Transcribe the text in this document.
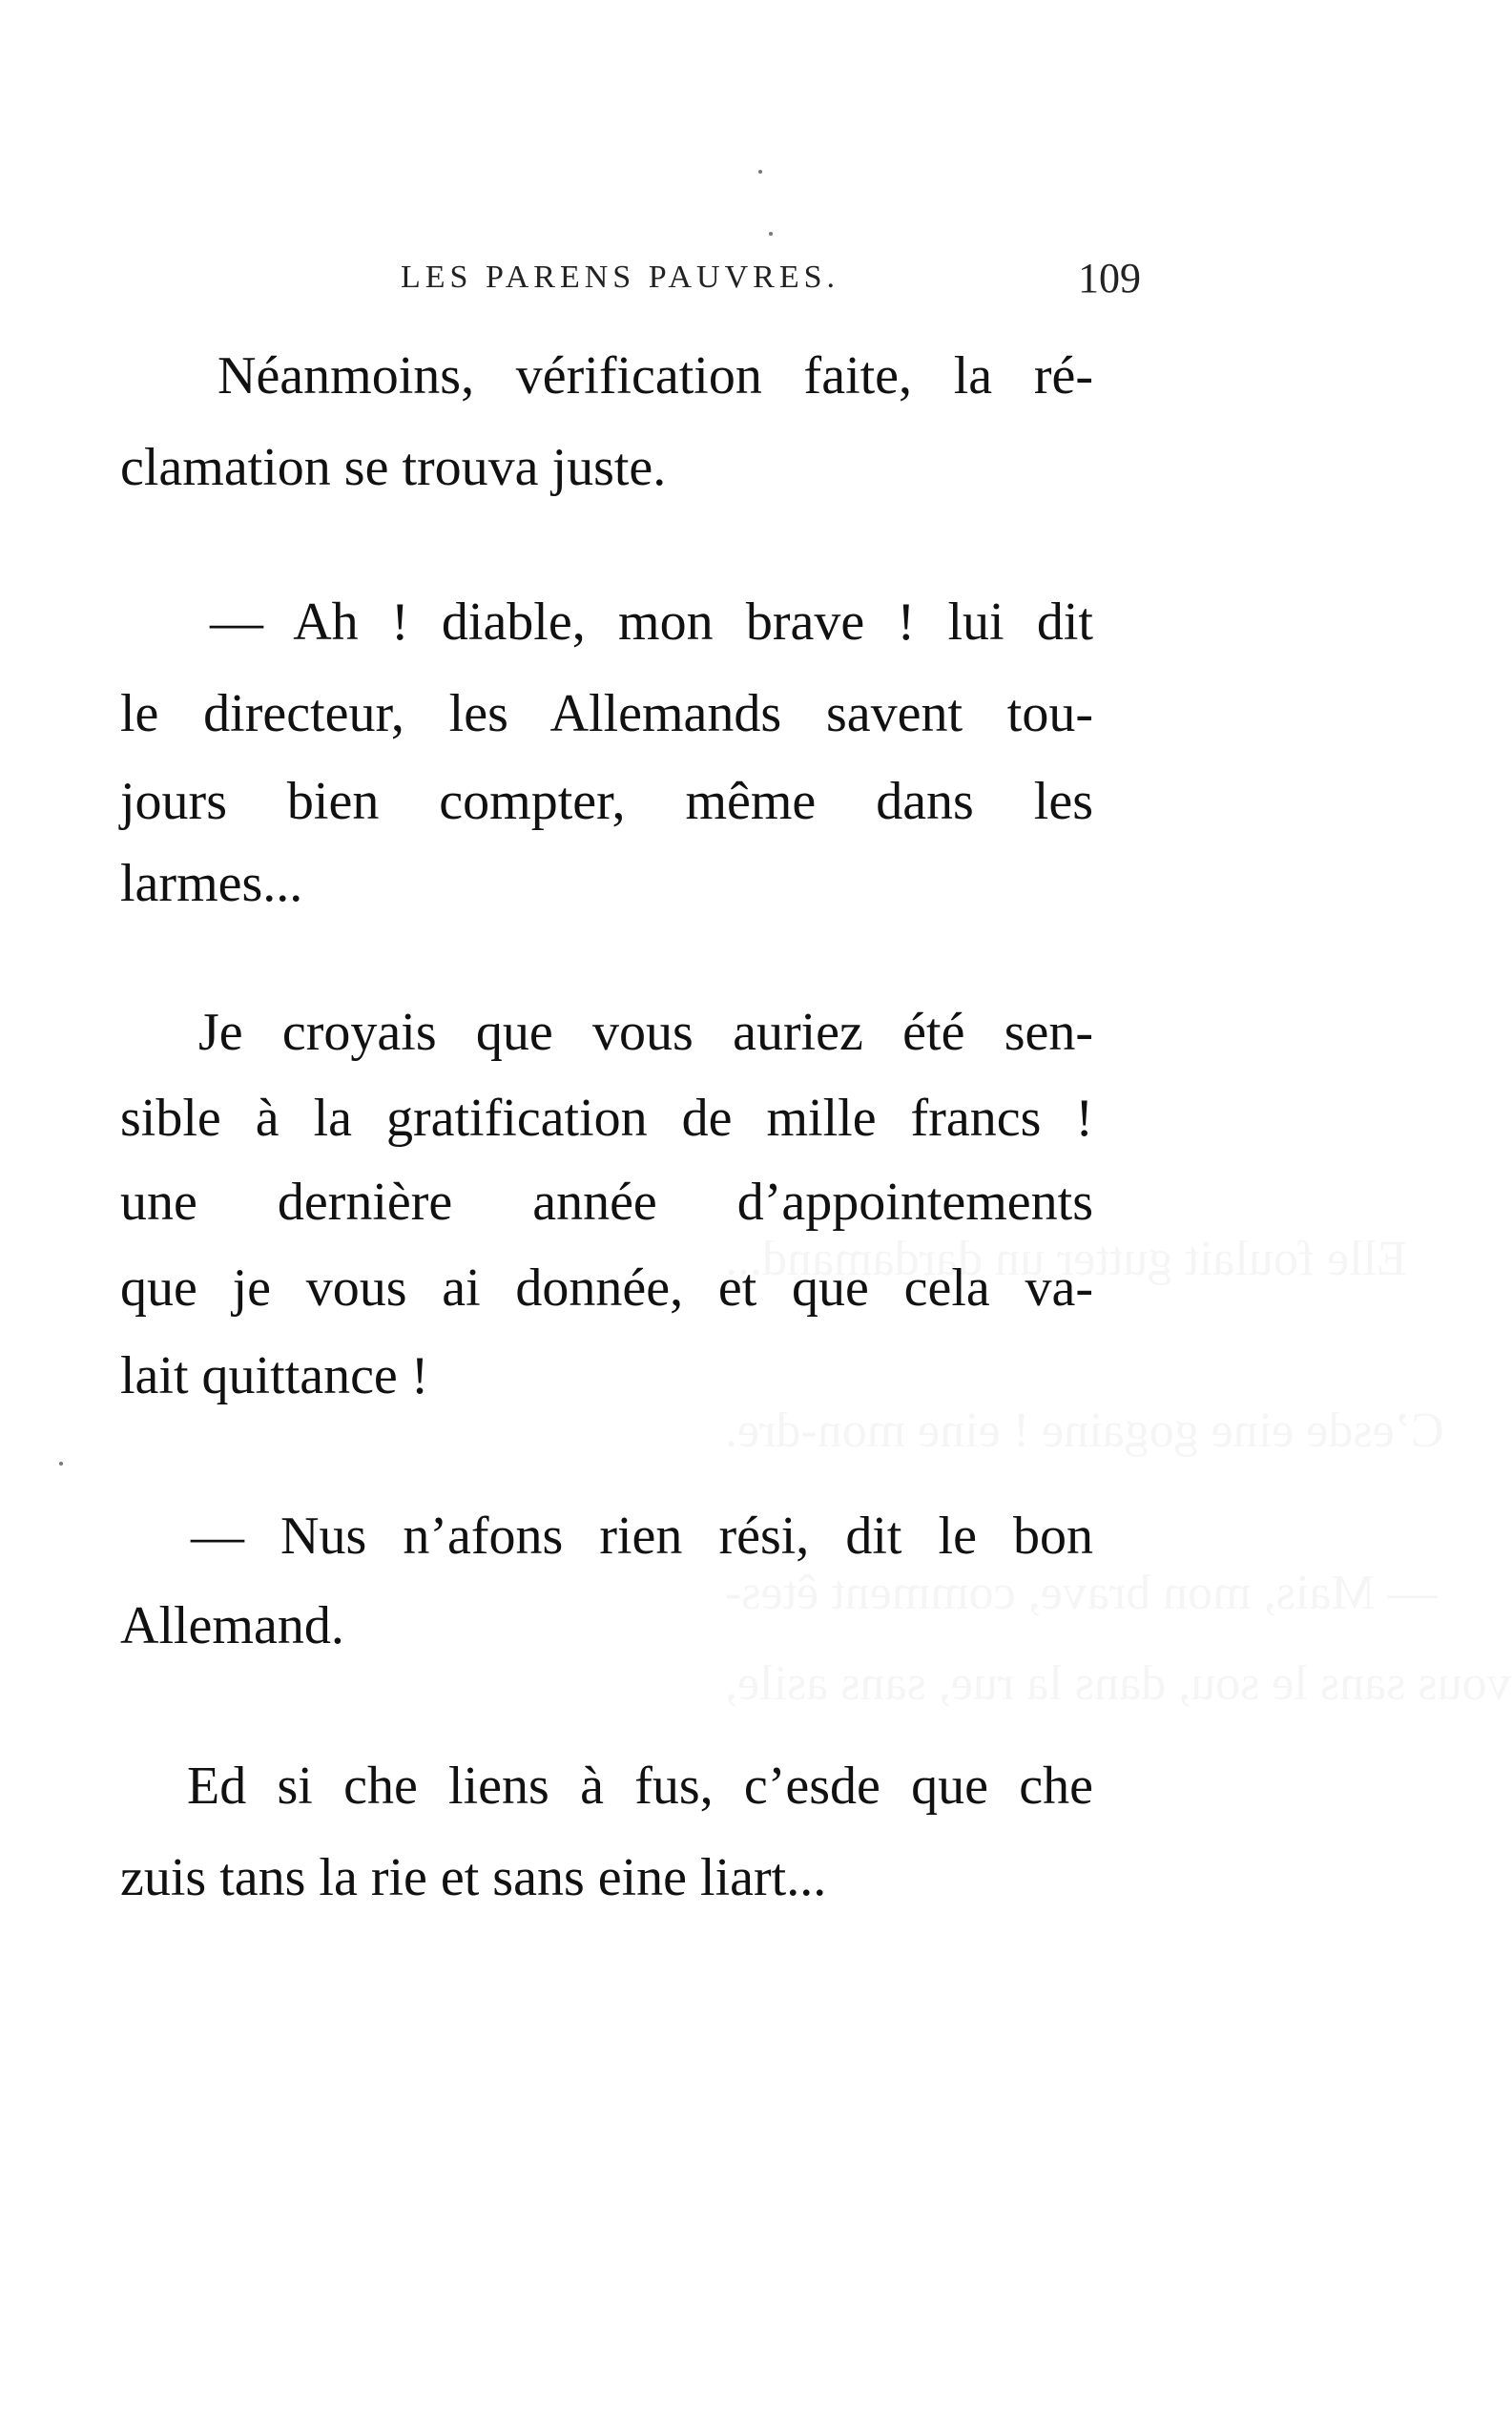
C’esde eine gogaine ! eine mon-dre.
— Mais, mon brave, comment êtes-
vous sans le sou, dans la rue, sans asile,
Elle foulait gutter un dardamand...
LES PARENS PAUVRES.	109
Néanmoins, vérification faite, la ré-
clamation se trouva juste.
— Ah ! diable, mon brave ! lui dit
le directeur, les Allemands savent tou-
jours bien compter, même dans les
larmes...
Je croyais que vous auriez été sen-
sible à la gratification de mille francs !
une dernière année d’appointements
que je vous ai donnée, et que cela va-
lait quittance !
— Nus n’afons rien rési, dit le bon
Allemand.
Ed si che liens à fus, c’esde que che
zuis tans la rie et sans eine liart...
